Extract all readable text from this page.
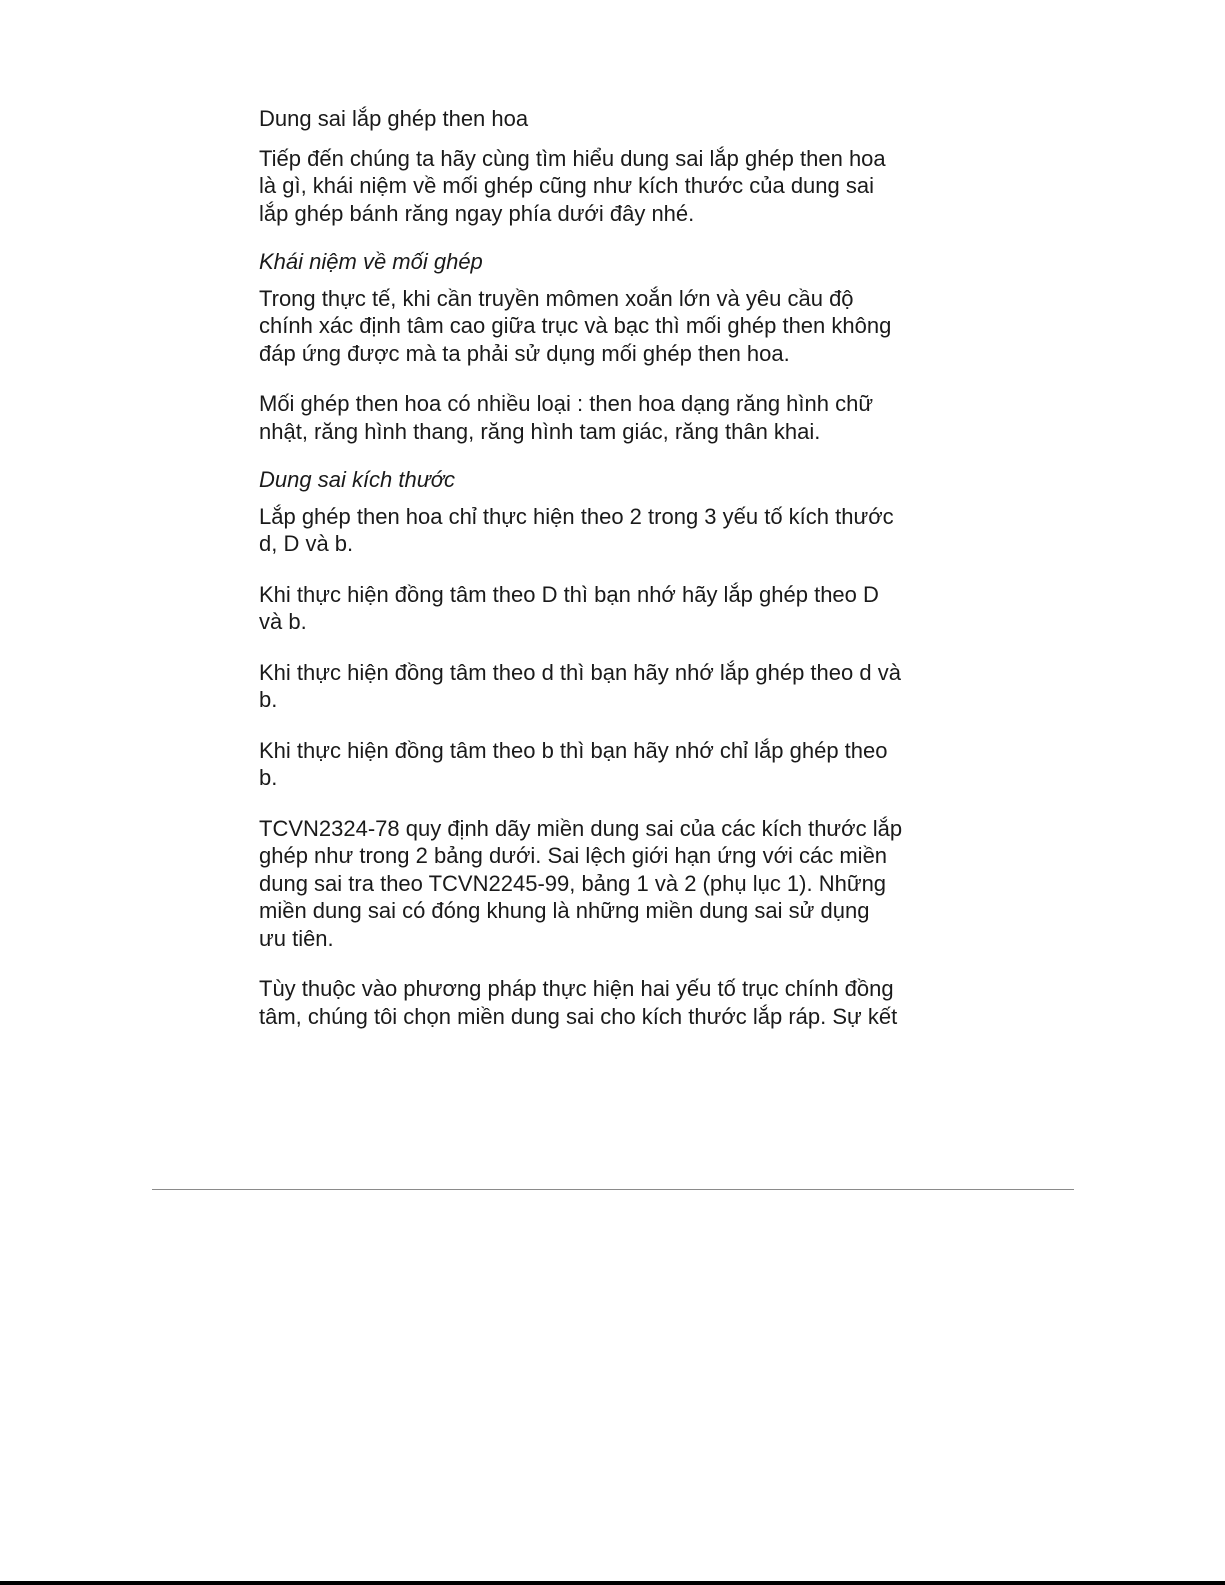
Dung sai lắp ghép then hoa

Tiếp đến chúng ta hãy cùng tìm hiểu dung sai lắp ghép then hoa
là gì, khái niệm về mối ghép cũng như kích thước của dung sai
lắp ghép bánh răng ngay phía dưới đây nhé.

Khái niệm về mối ghép

Trong thực tế, khi cần truyền mômen xoắn lớn và yêu cầu độ
chính xác định tâm cao giữa trục và bạc thì mối ghép then không
đáp ứng được mà ta phải sử dụng mối ghép then hoa.

Mối ghép then hoa có nhiều loại : then hoa dạng răng hình chữ
nhật, răng hình thang, răng hình tam giác, răng thân khai.

Dung sai kích thước

Lắp ghép then hoa chỉ thực hiện theo 2 trong 3 yếu tố kích thước
d, D và b.

Khi thực hiện đồng tâm theo D thì bạn nhớ hãy lắp ghép theo D
và b.

Khi thực hiện đồng tâm theo d thì bạn hãy nhớ lắp ghép theo d và
b.

Khi thực hiện đồng tâm theo b thì bạn hãy nhớ chỉ lắp ghép theo
b.

TCVN2324-78 quy định dãy miền dung sai của các kích thước lắp
ghép như trong 2 bảng dưới. Sai lệch giới hạn ứng với các miền
dung sai tra theo TCVN2245-99, bảng 1 và 2 (phụ lục 1). Những
miền dung sai có đóng khung là những miền dung sai sử dụng
ưu tiên.

Tùy thuộc vào phương pháp thực hiện hai yếu tố trục chính đồng
tâm, chúng tôi chọn miền dung sai cho kích thước lắp ráp. Sự kết
